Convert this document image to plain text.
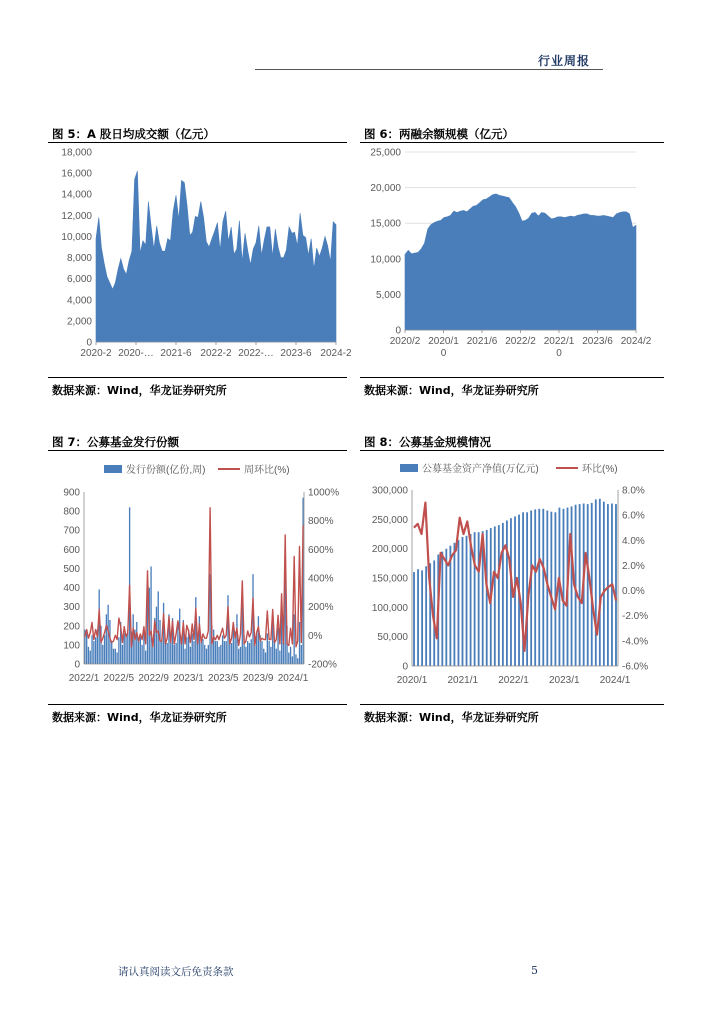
行业周报
图 5：A 股日均成交额（亿元）
18,000
16,000
14,000
12,000
10,000
8,000
6,000
4,000
2,000
0
2020-2 2020-… 2021-6 2022-2 2022-… 2023-6 2024-2
数据来源：Wind，华龙证券研究所
图 6：两融余额规模（亿元）
25,000
20,000
15,000
10,000
5,000
0
2020/2 2020/1 0
2021/6 2022/2 2022/1 0
2023/6 2024/2
数据来源：Wind，华龙证券研究所
图 7：公募基金发行份额
发行份额(亿份,周)	周环比(%)
900
800
700
600
500
400
300
200
100
0
1000%
800%
600%
400%
200%
0%
-200%
2022/1 2022/5 2022/9 2023/1 2023/5 2023/9 2024/1
数据来源：Wind，华龙证券研究所
图 8：公募基金规模情况
公募基金资产净值(万亿元)	环比(%)
300,000
250,000
200,000
150,000
100,000
50,000
0
8.0%
6.0%
4.0%
2.0%
0.0%
-2.0%
-4.0%
-6.0%
2020/1 2021/1 2022/1 2023/1 2024/1
数据来源：Wind，华龙证券研究所
请认真阅读文后免责条款	5
